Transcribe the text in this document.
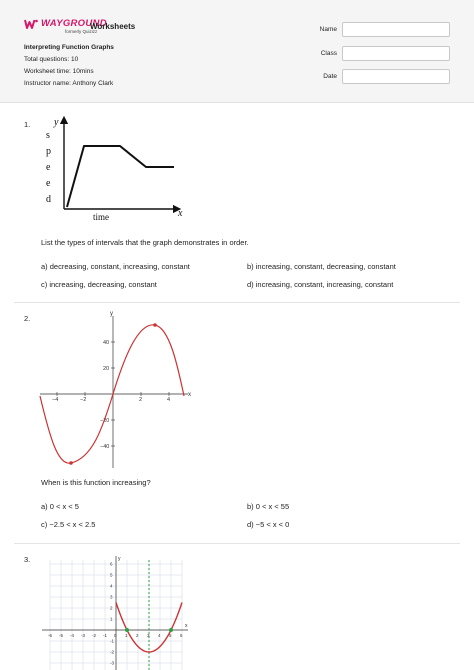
WAYGROUND
formerly Quizizz
Worksheets
Interpreting Function Graphs
Total questions: 10
Worksheet time: 10mins
Instructor name: Anthony Clark
Name
Class
Date
1. y
s
p
e
e
d
time	x
List the types of intervals that the graph demonstrates in order.
a) decreasing, constant, increasing, constant	b) increasing, constant, decreasing, constant
c) increasing, decreasing, constant	d) increasing, constant, increasing, constant
2.
−4	−2	2	4
40
20
−20
−40
x
y
When is this function increasing?
a) 0 < x < 5	b) 0 < x < 55
c) −2.5 < x < 2.5	d) −5 < x < 0
3.
-6 -5 -4 -3 -2 -1 0 1 2 3 4 5 6
6
5
4
3
2
1
-1
-2
-3
x
y
